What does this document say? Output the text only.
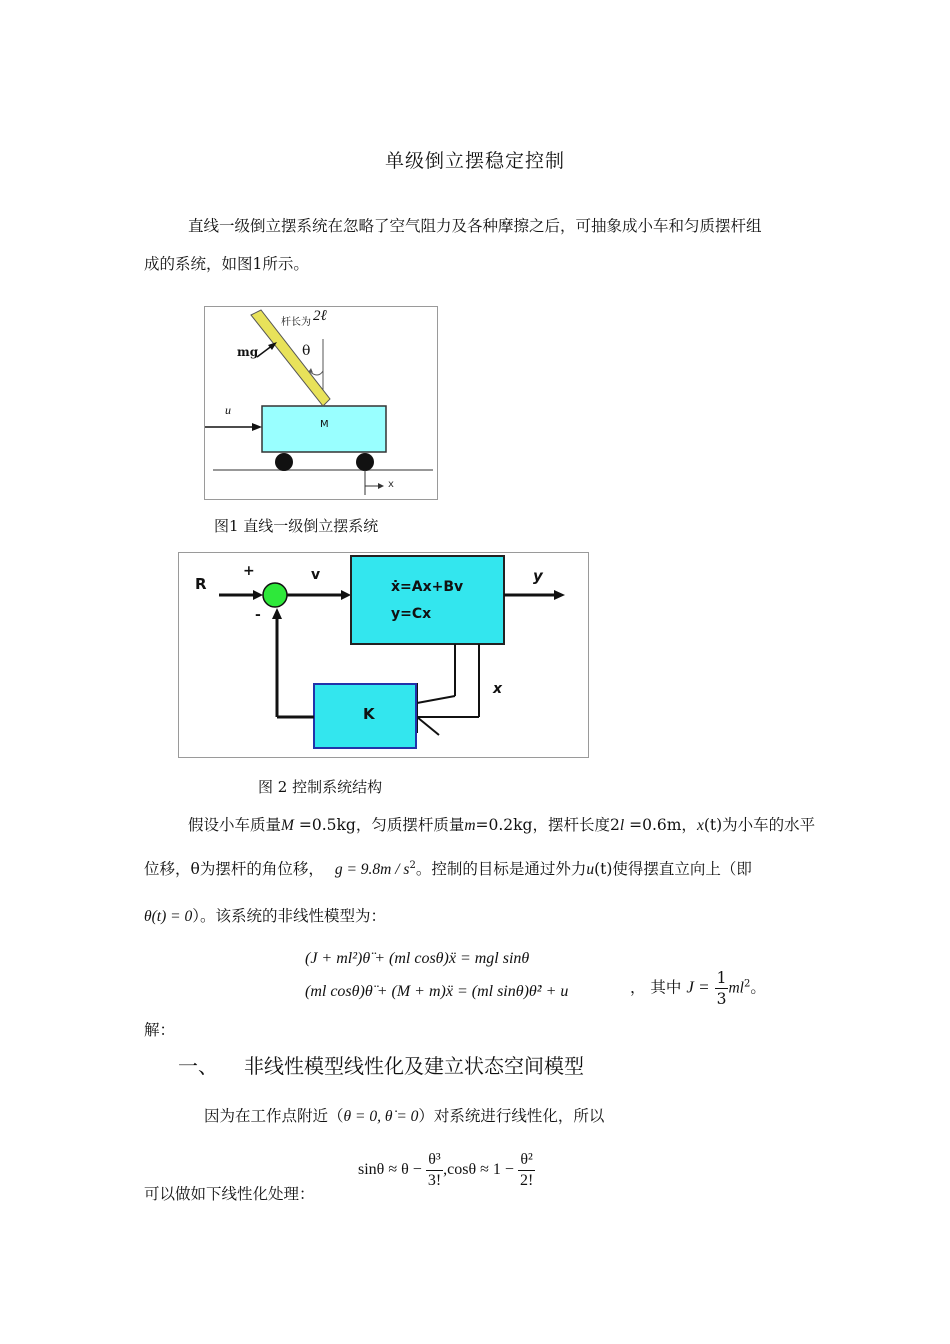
单级倒立摆稳定控制
直线一级倒立摆系统在忽略了空气阻力及各种摩擦之后，可抽象成小车和匀质摆杆组
成的系统，如图1所示。
杆长为 2ℓ
mg	θ
u
M
x
图1 直线一级倒立摆系统
R
+
-
v
ẋ=Ax+Bv
y=Cx
y
x
K
图 2 控制系统结构
假设小车质量M =0.5kg，匀质摆杆质量m=0.2kg，摆杆长度2l =0.6m，x(t)为小车的水平
位移，θ为摆杆的角位移， $g = 9.8m / s^2$。控制的目标是通过外力u(t)使得摆直立向上（即
θ(t) = 0）。该系统的非线性模型为：
(J + ml²)θ̈ + (ml cosθ)ẍ = mgl sinθ
(ml cosθ)θ̈ + (M + m)ẍ = (ml sinθ)θ̇² + u	， 其中 $J = \frac{1}{3} ml^2$。
解：
一、 非线性模型线性化及建立状态空间模型
因为在工作点附近（θ = 0, θ̇ = 0）对系统进行线性化，所以
可以做如下线性化处理：
$\sin\theta \approx \theta - \frac{\text{θ³}}{3!} ,\cos\theta \approx 1 - \frac{\text{θ²}}{2!}$
